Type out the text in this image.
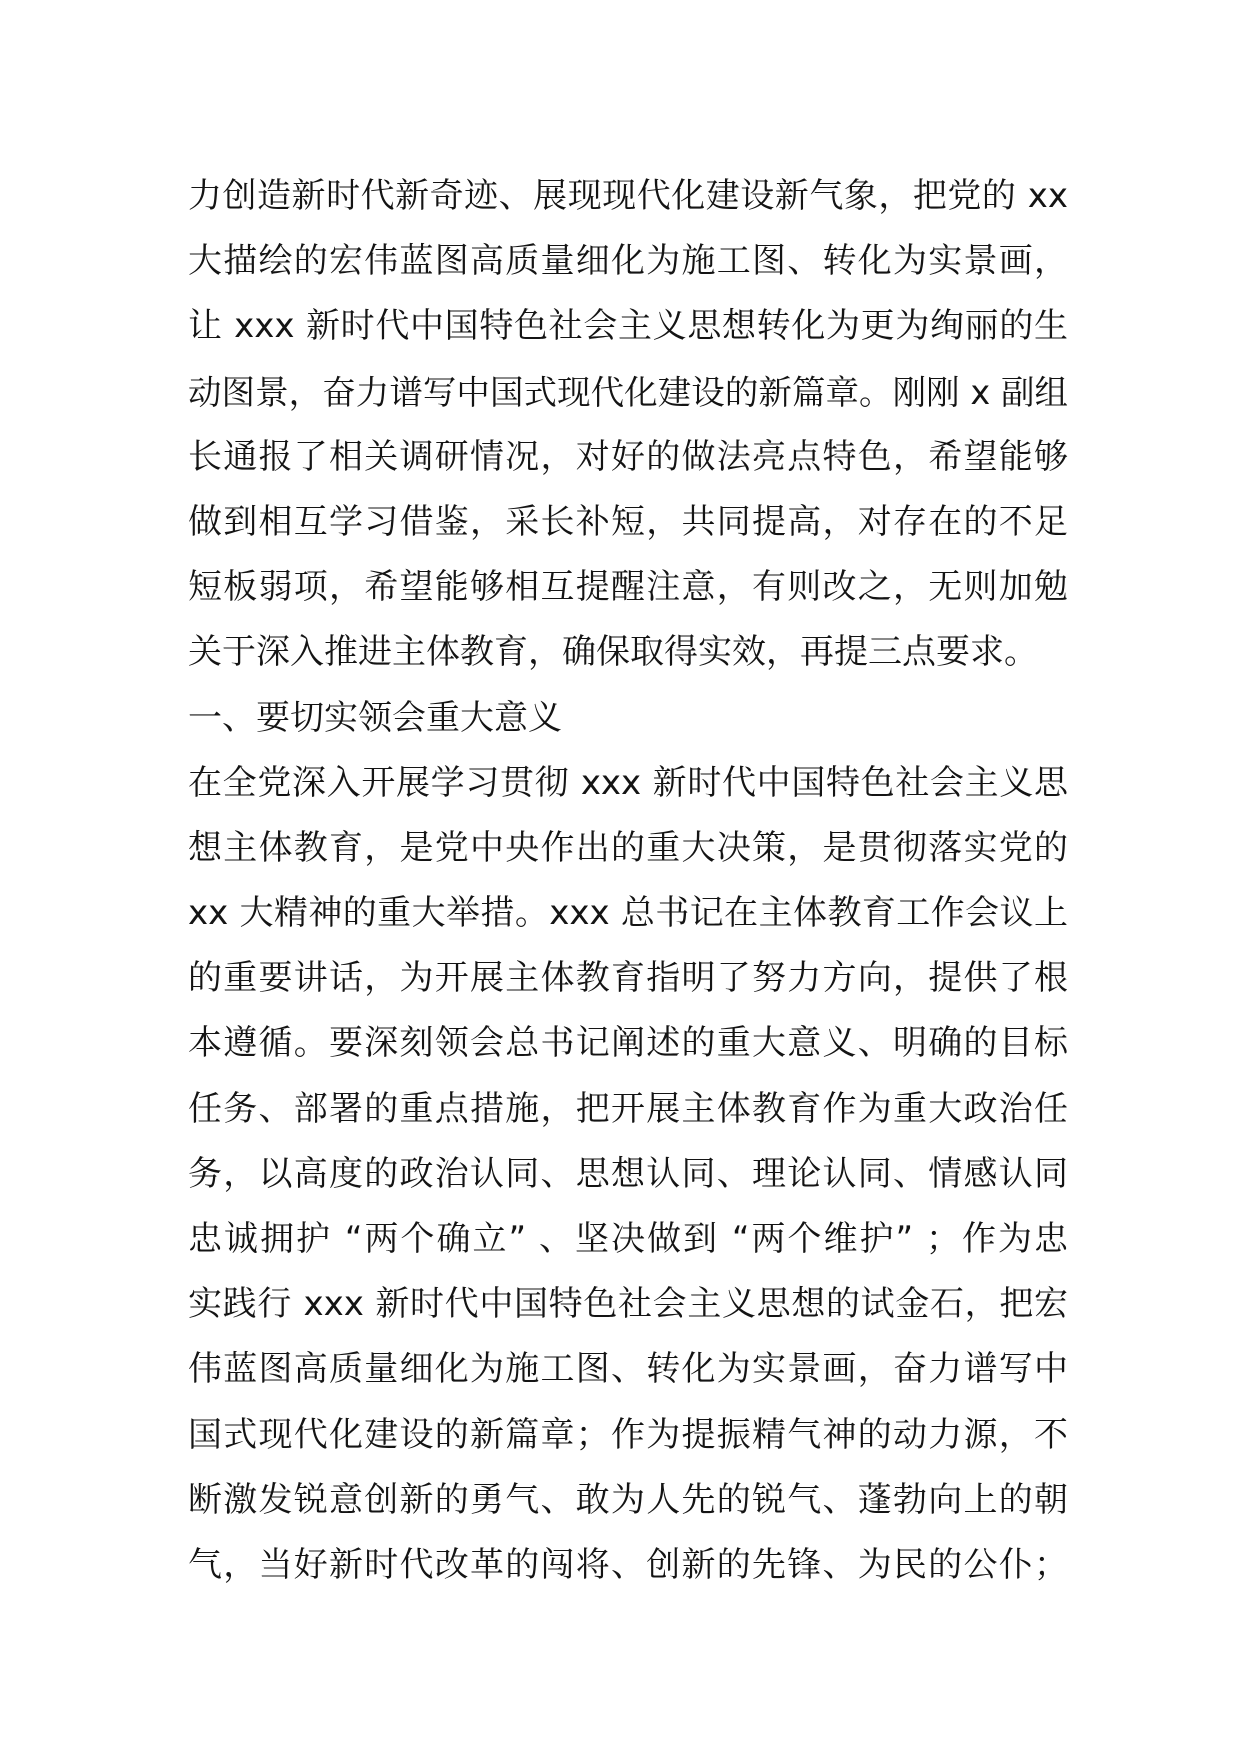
力创造新时代新奇迹、展现现代化建设新气象，把党的 xx
大描绘的宏伟蓝图高质量细化为施工图、转化为实景画，
让 xxx 新时代中国特色社会主义思想转化为更为绚丽的生
动图景，奋力谱写中国式现代化建设的新篇章。刚刚 x 副组
长通报了相关调研情况，对好的做法亮点特色，希望能够
做到相互学习借鉴，采长补短，共同提高，对存在的不足
短板弱项，希望能够相互提醒注意，有则改之，无则加勉
关于深入推进主体教育，确保取得实效，再提三点要求。
一、要切实领会重大意义
在全党深入开展学习贯彻 xxx 新时代中国特色社会主义思
想主体教育，是党中央作出的重大决策，是贯彻落实党的
xx 大精神的重大举措。xxx 总书记在主体教育工作会议上
的重要讲话，为开展主体教育指明了努力方向，提供了根
本遵循。要深刻领会总书记阐述的重大意义、明确的目标
任务、部署的重点措施，把开展主体教育作为重大政治任
务，以高度的政治认同、思想认同、理论认同、情感认同
忠诚拥护 “两个确立” 、坚决做到 “两个维护” ；作为忠
实践行 xxx 新时代中国特色社会主义思想的试金石，把宏
伟蓝图高质量细化为施工图、转化为实景画，奋力谱写中
国式现代化建设的新篇章；作为提振精气神的动力源，不
断激发锐意创新的勇气、敢为人先的锐气、蓬勃向上的朝
气，当好新时代改革的闯将、创新的先锋、为民的公仆；
